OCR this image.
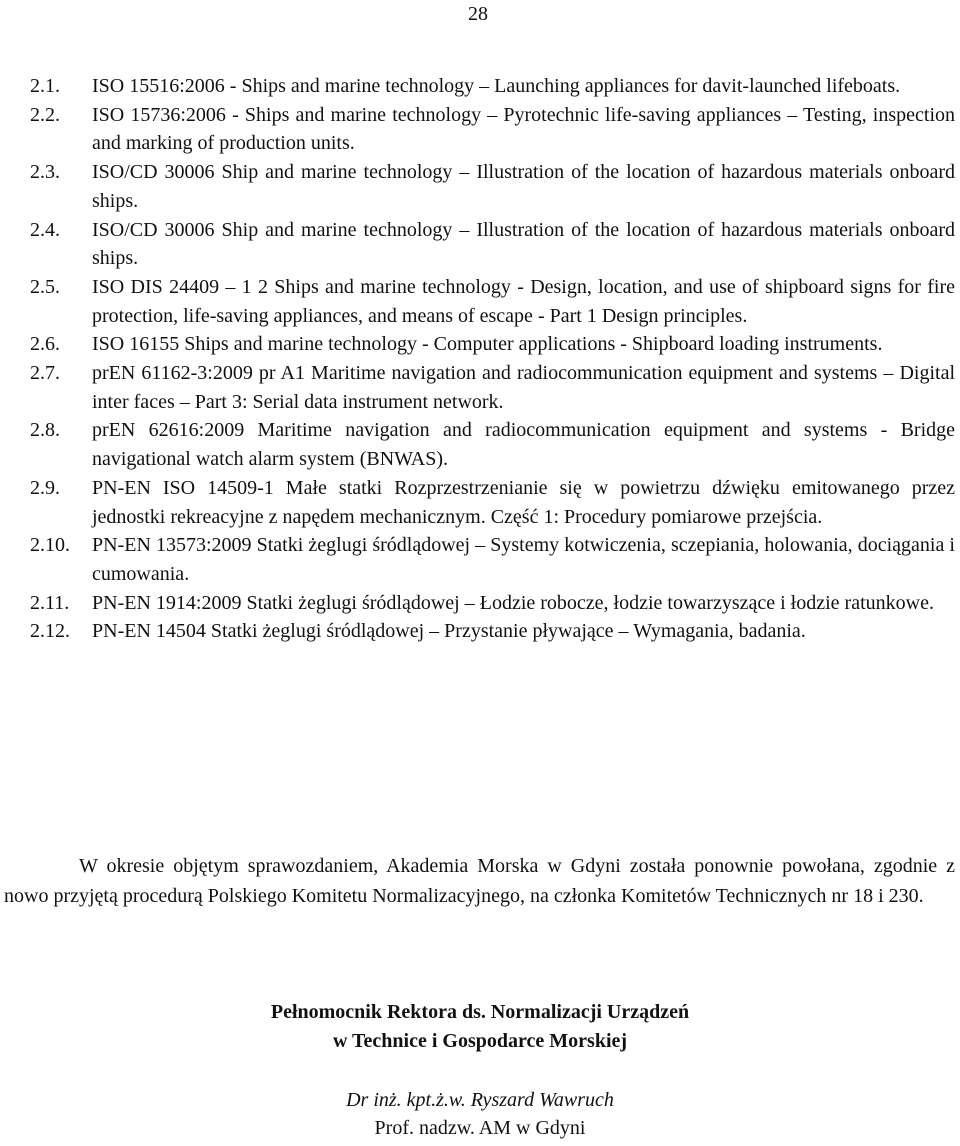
28
2.1.	ISO 15516:2006 - Ships and marine technology – Launching appliances for davit-launched lifeboats.
2.2.	ISO 15736:2006 - Ships and marine technology – Pyrotechnic life-saving appliances – Testing, inspection and marking of production units.
2.3.	ISO/CD 30006 Ship and marine technology – Illustration of the location of hazardous materials onboard ships.
2.4.	ISO/CD 30006 Ship and marine technology – Illustration of the location of hazardous materials onboard ships.
2.5.	ISO DIS 24409 – 1 2 Ships and marine technology - Design, location, and use of shipboard signs for fire protection, life-saving appliances, and means of escape - Part 1 Design principles.
2.6.	ISO 16155 Ships and marine technology - Computer applications - Shipboard loading instruments.
2.7.	prEN 61162-3:2009 pr A1 Maritime navigation and radiocommunication equipment and systems – Digital inter faces – Part 3: Serial data instrument network.
2.8.	prEN 62616:2009 Maritime navigation and radiocommunication equipment and systems - Bridge navigational watch alarm system (BNWAS).
2.9.	PN-EN ISO 14509-1 Małe statki Rozprzestrzenianie się w powietrzu dźwięku emitowanego przez jednostki rekreacyjne z napędem mechanicznym. Część 1: Procedury pomiarowe przejścia.
2.10.	PN-EN 13573:2009 Statki żeglugi śródlądowej – Systemy kotwiczenia, sczepiania, holowania, dociągania i cumowania.
2.11.	PN-EN 1914:2009 Statki żeglugi śródlądowej – Łodzie robocze, łodzie towarzyszące i łodzie ratunkowe.
2.12.	PN-EN 14504 Statki żeglugi śródlądowej – Przystanie pływające – Wymagania, badania.

W okresie objętym sprawozdaniem, Akademia Morska w Gdyni została ponownie powołana, zgodnie z nowo przyjętą procedurą Polskiego Komitetu Normalizacyjnego, na członka Komitetów Technicznych nr 18 i 230.

Pełnomocnik Rektora ds. Normalizacji Urządzeń
w Technice i Gospodarce Morskiej
Dr inż. kpt.ż.w. Ryszard Wawruch
Prof. nadzw. AM w Gdyni
